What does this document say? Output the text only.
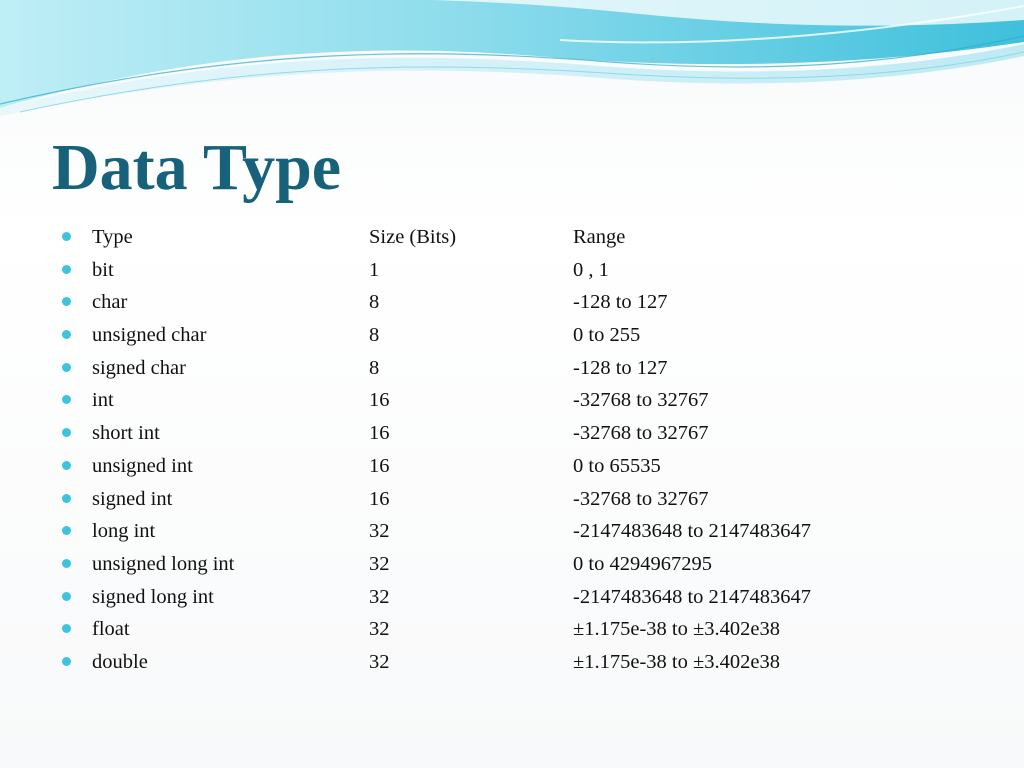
Data Type
Type	Size (Bits)	Range
bit	1	0 , 1
char	8	-128 to 127
unsigned char	8	0 to 255
signed char	8	-128 to 127
int	16	-32768 to 32767
short int	16	-32768 to 32767
unsigned int	16	0 to 65535
signed int	16	-32768 to 32767
long int	32	-2147483648 to 2147483647
unsigned long int	32	0 to 4294967295
signed long int	32	-2147483648 to 2147483647
float	32	±1.175e-38 to ±3.402e38
double	32	±1.175e-38 to ±3.402e38
